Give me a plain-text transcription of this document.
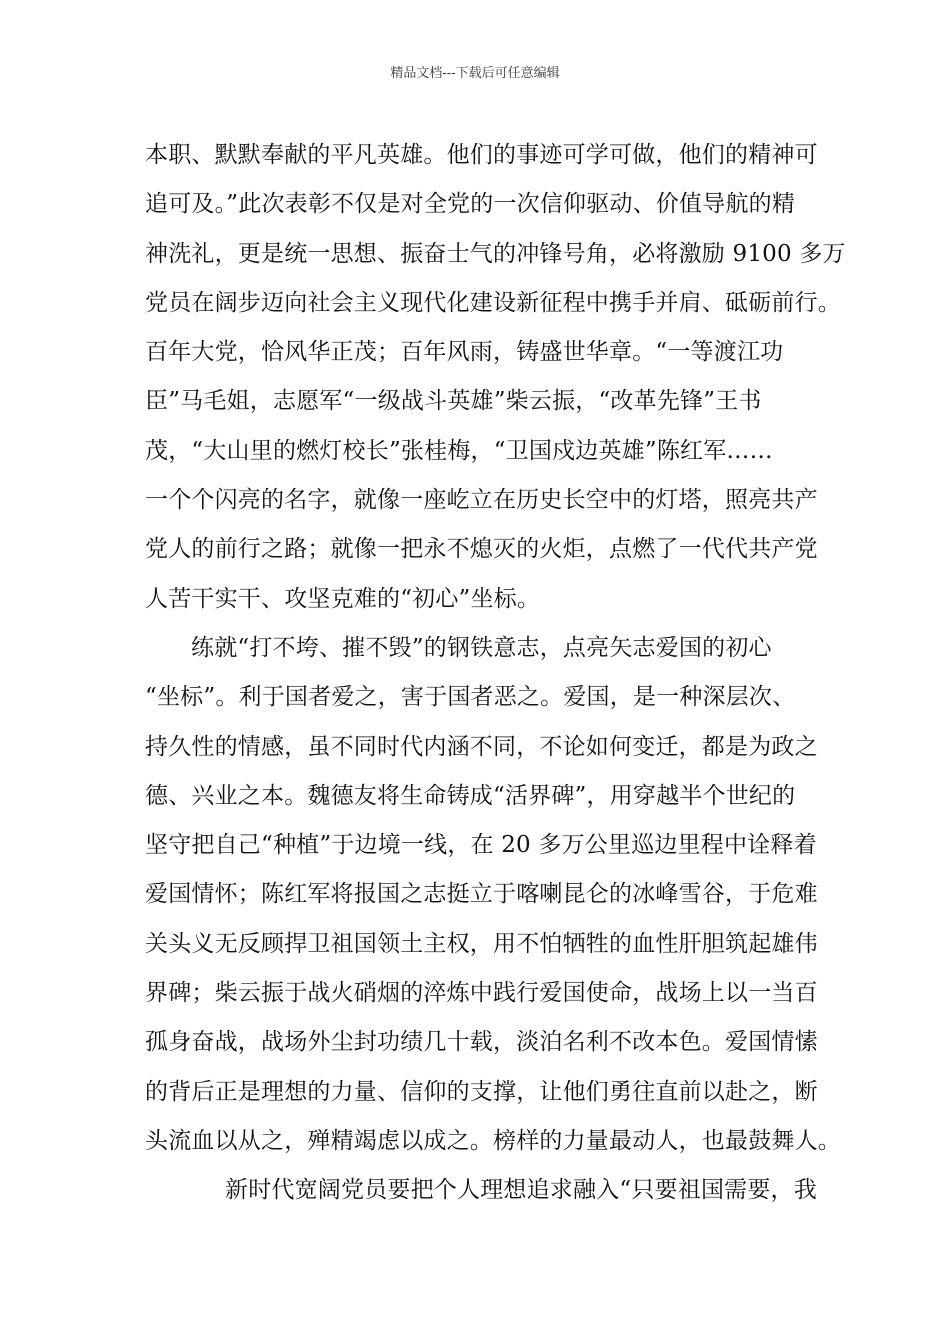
精品文档---下载后可任意编辑
本职、默默奉献的平凡英雄。他们的事迹可学可做，他们的精神可
追可及。”此次表彰不仅是对全党的一次信仰驱动、价值导航的精
神洗礼，更是统一思想、振奋士气的冲锋号角，必将激励 9100 多万
党员在阔步迈向社会主义现代化建设新征程中携手并肩、砥砺前行。
百年大党，恰风华正茂；百年风雨，铸盛世华章。“一等渡江功
臣”马毛姐，志愿军“一级战斗英雄”柴云振，“改革先锋”王书
茂，“大山里的燃灯校长”张桂梅，“卫国戍边英雄”陈红军……
一个个闪亮的名字，就像一座屹立在历史长空中的灯塔，照亮共产
党人的前行之路；就像一把永不熄灭的火炬，点燃了一代代共产党
人苦干实干、攻坚克难的“初心”坐标。
练就“打不垮、摧不毁”的钢铁意志，点亮矢志爱国的初心
“坐标”。利于国者爱之，害于国者恶之。爱国，是一种深层次、
持久性的情感，虽不同时代内涵不同，不论如何变迁，都是为政之
德、兴业之本。魏德友将生命铸成“活界碑”，用穿越半个世纪的
坚守把自己“种植”于边境一线，在 20 多万公里巡边里程中诠释着
爱国情怀；陈红军将报国之志挺立于喀喇昆仑的冰峰雪谷，于危难
关头义无反顾捍卫祖国领土主权，用不怕牺牲的血性肝胆筑起雄伟
界碑；柴云振于战火硝烟的淬炼中践行爱国使命，战场上以一当百
孤身奋战，战场外尘封功绩几十载，淡泊名利不改本色。爱国情愫
的背后正是理想的力量、信仰的支撑，让他们勇往直前以赴之，断
头流血以从之，殚精竭虑以成之。榜样的力量最动人，也最鼓舞人。
新时代宽阔党员要把个人理想追求融入“只要祖国需要，我
